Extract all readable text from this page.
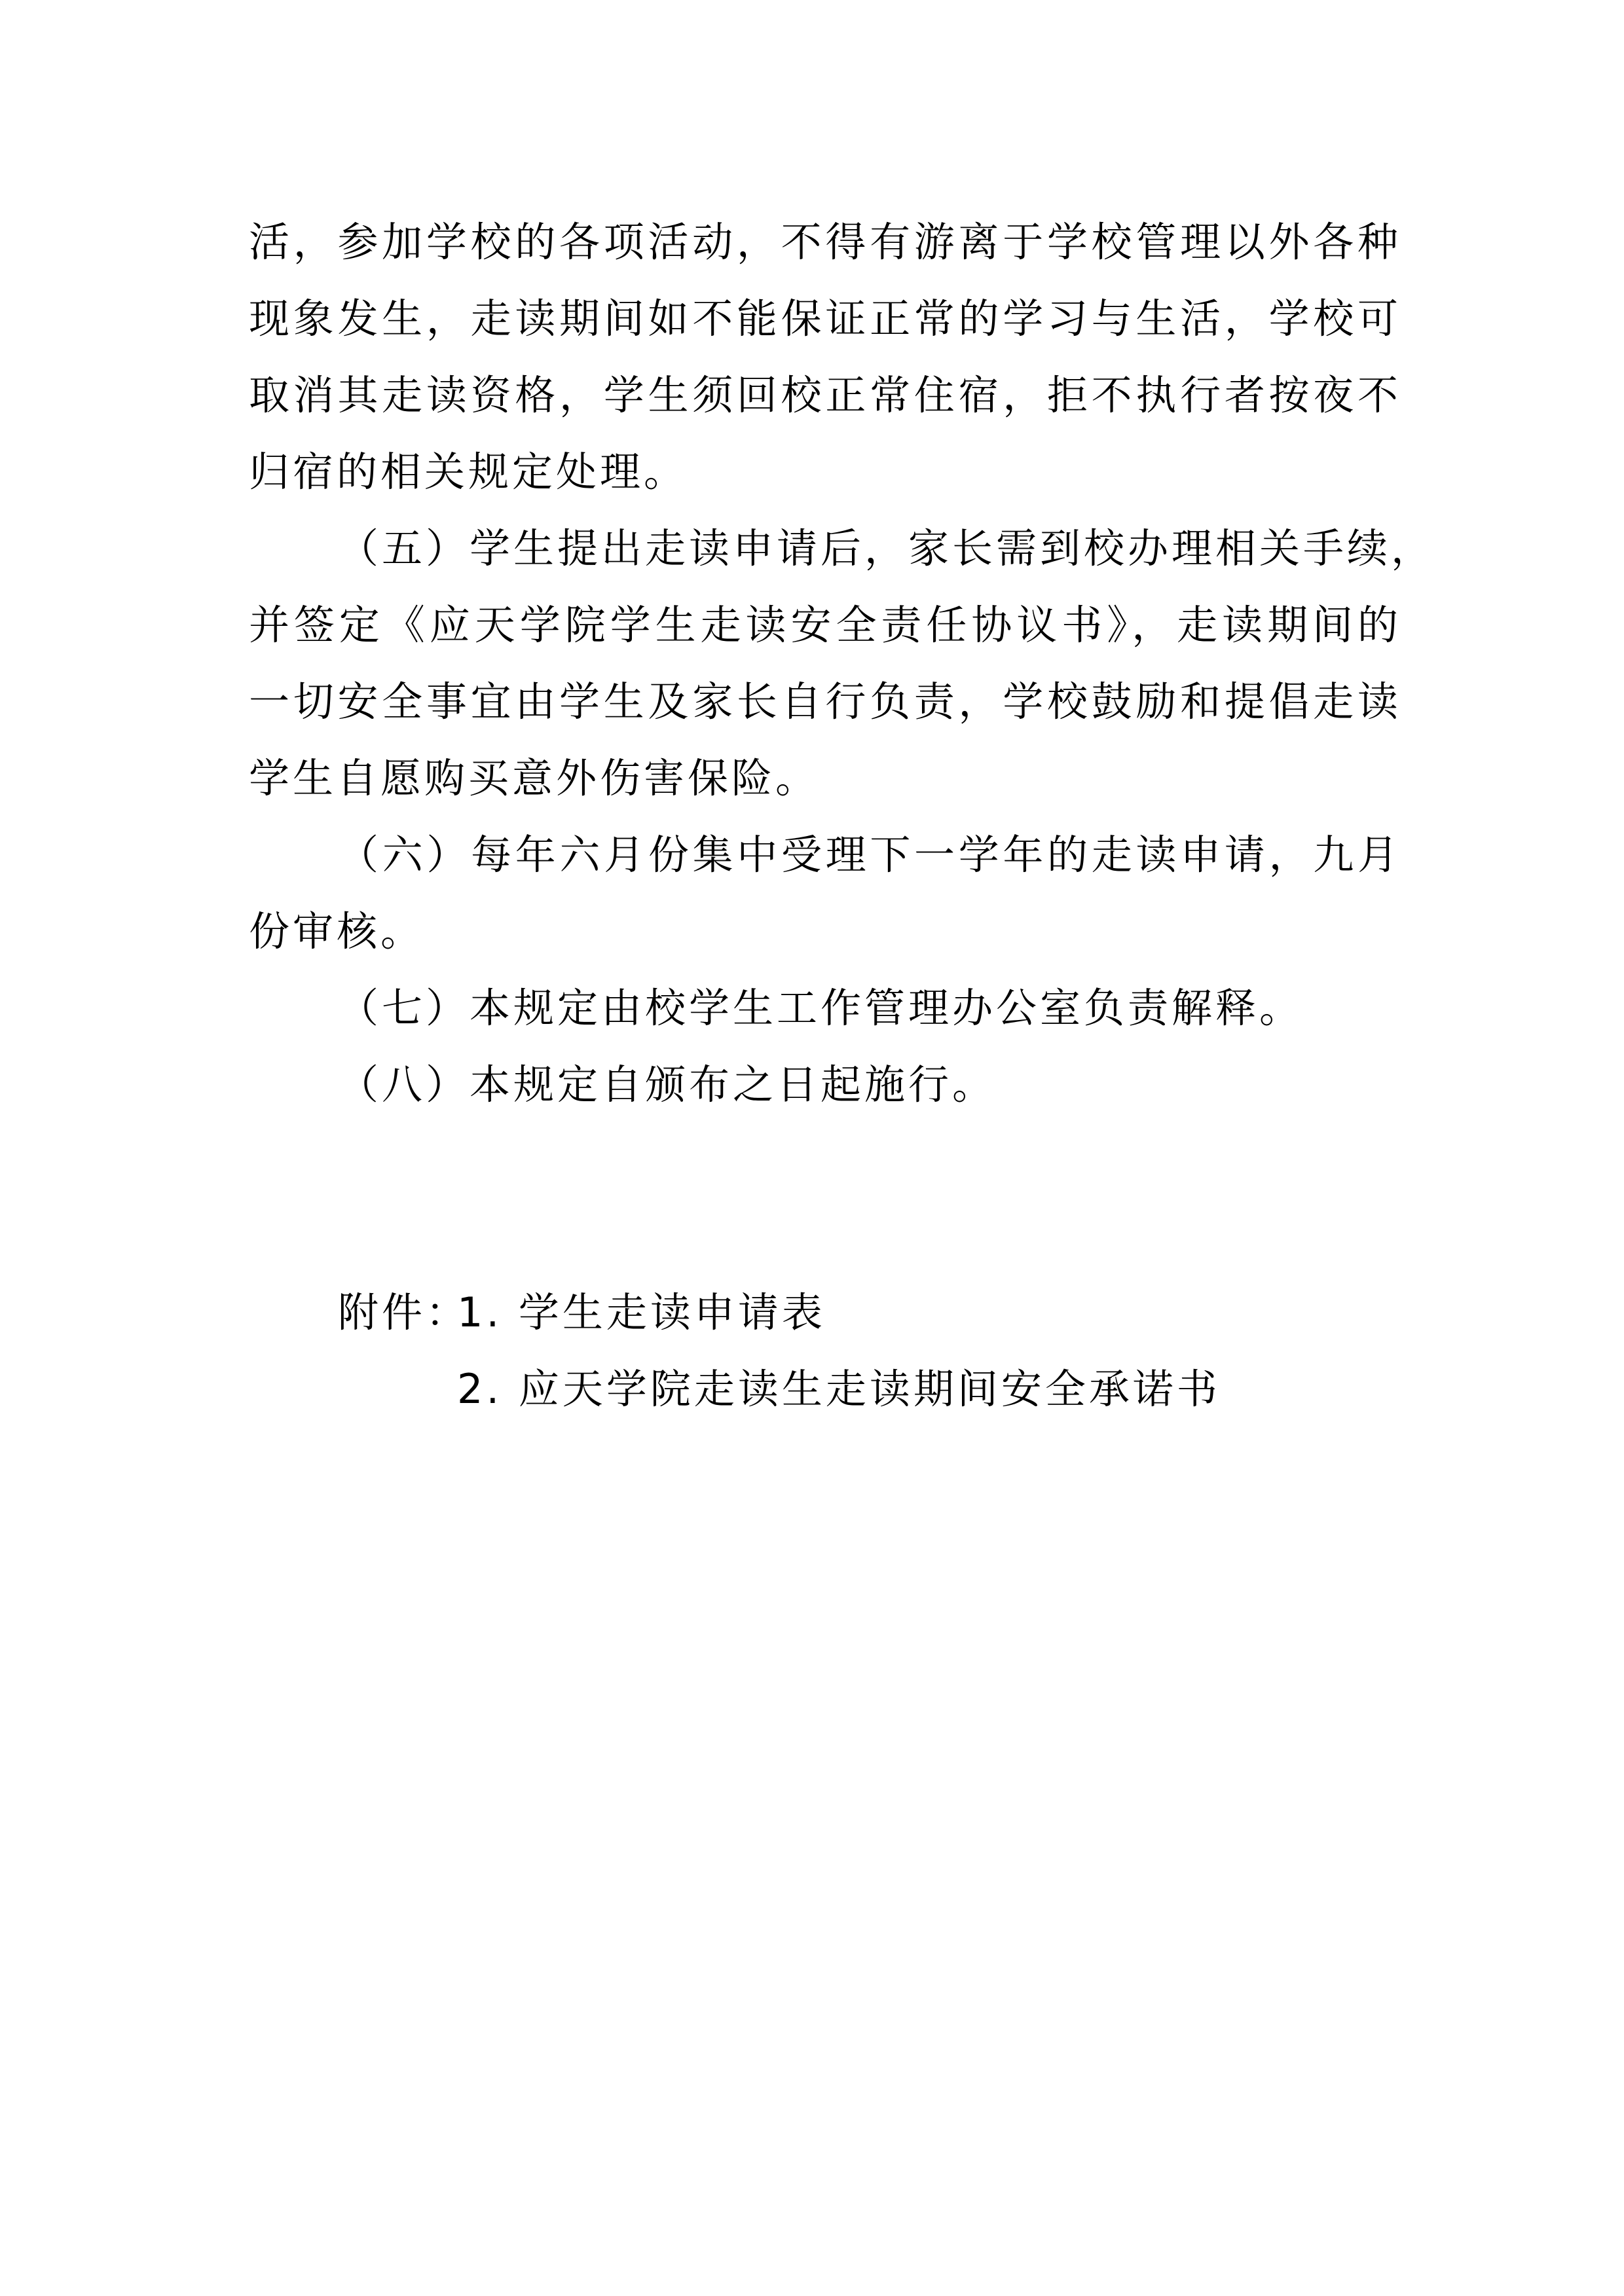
活，参加学校的各项活动，不得有游离于学校管理以外各种
现象发生，走读期间如不能保证正常的学习与生活，学校可
取消其走读资格，学生须回校正常住宿，拒不执行者按夜不
归宿的相关规定处理。
（五）学生提出走读申请后，家长需到校办理相关手续，
并签定《应天学院学生走读安全责任协议书》，走读期间的
一切安全事宜由学生及家长自行负责，学校鼓励和提倡走读
学生自愿购买意外伤害保险。
（六）每年六月份集中受理下一学年的走读申请，九月
份审核。
（七）本规定由校学生工作管理办公室负责解释。
（八）本规定自颁布之日起施行。
附件：
1. 学生走读申请表
2. 应天学院走读生走读期间安全承诺书
